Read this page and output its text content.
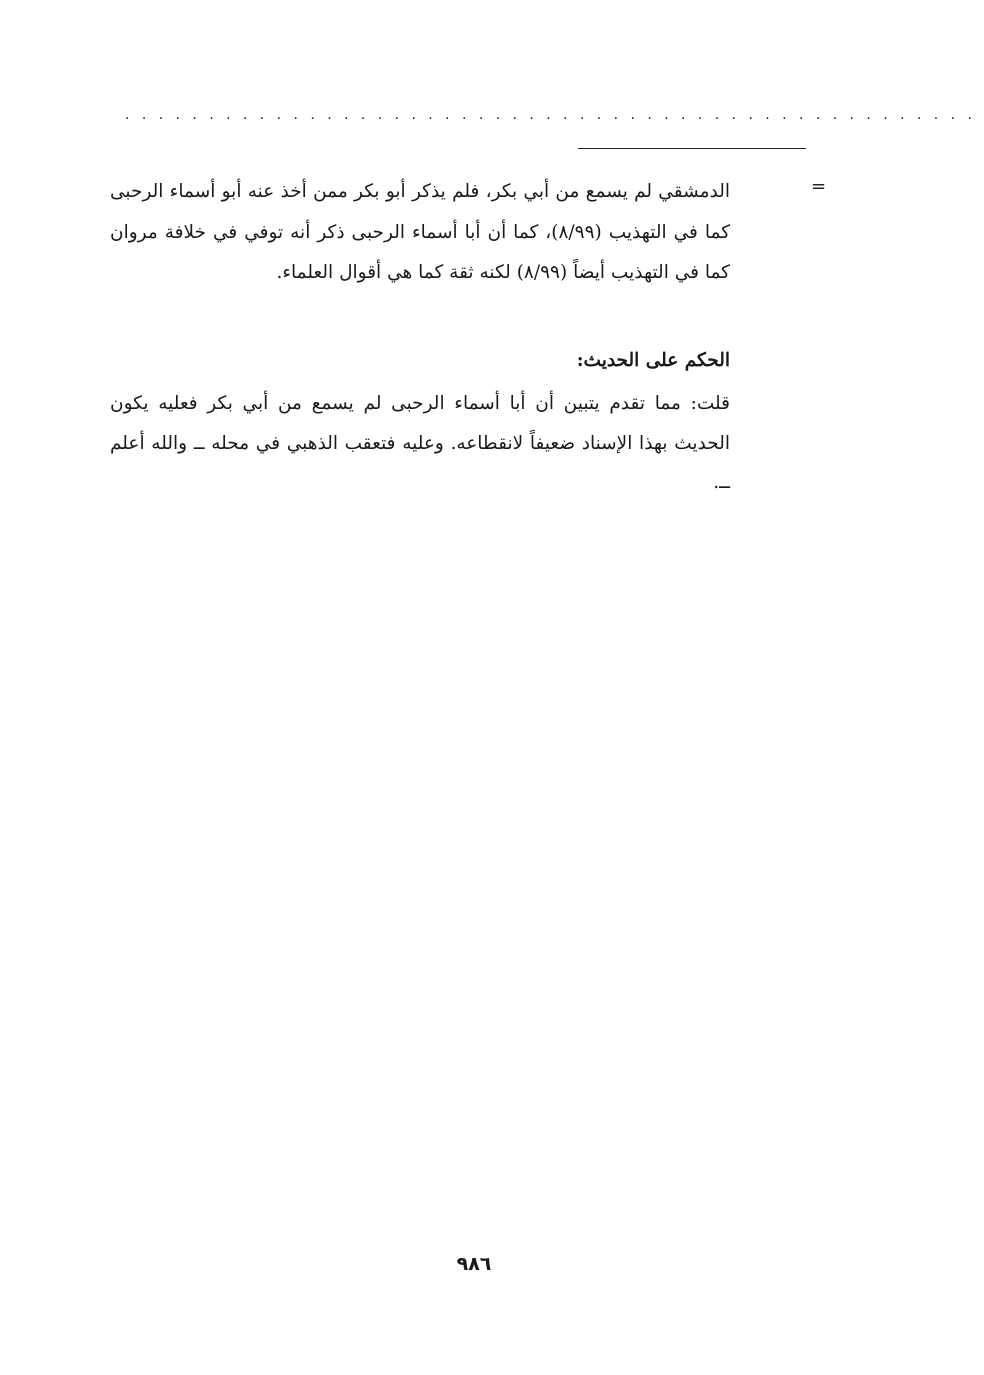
...................................................
=
الدمشقي لم يسمع من أبي بكر، فلم يذكر أبو بكر ممن أخذ عنه أبو أسماء الرحبى كما في التهذيب (٨/٩٩)، كما أن أبا أسماء الرحبى ذكر أنه توفي في خلافة مروان كما في التهذيب أيضاً (٨/٩٩) لكنه ثقة كما هي أقوال العلماء.
الحكم على الحديث:
قلت: مما تقدم يتبين أن أبا أسماء الرحبى لم يسمع من أبي بكر فعليه يكون الحديث بهذا الإسناد ضعيفاً لانقطاعه. وعليه فتعقب الذهبي في محله ــ والله أعلم ــ.
٩٨٦
